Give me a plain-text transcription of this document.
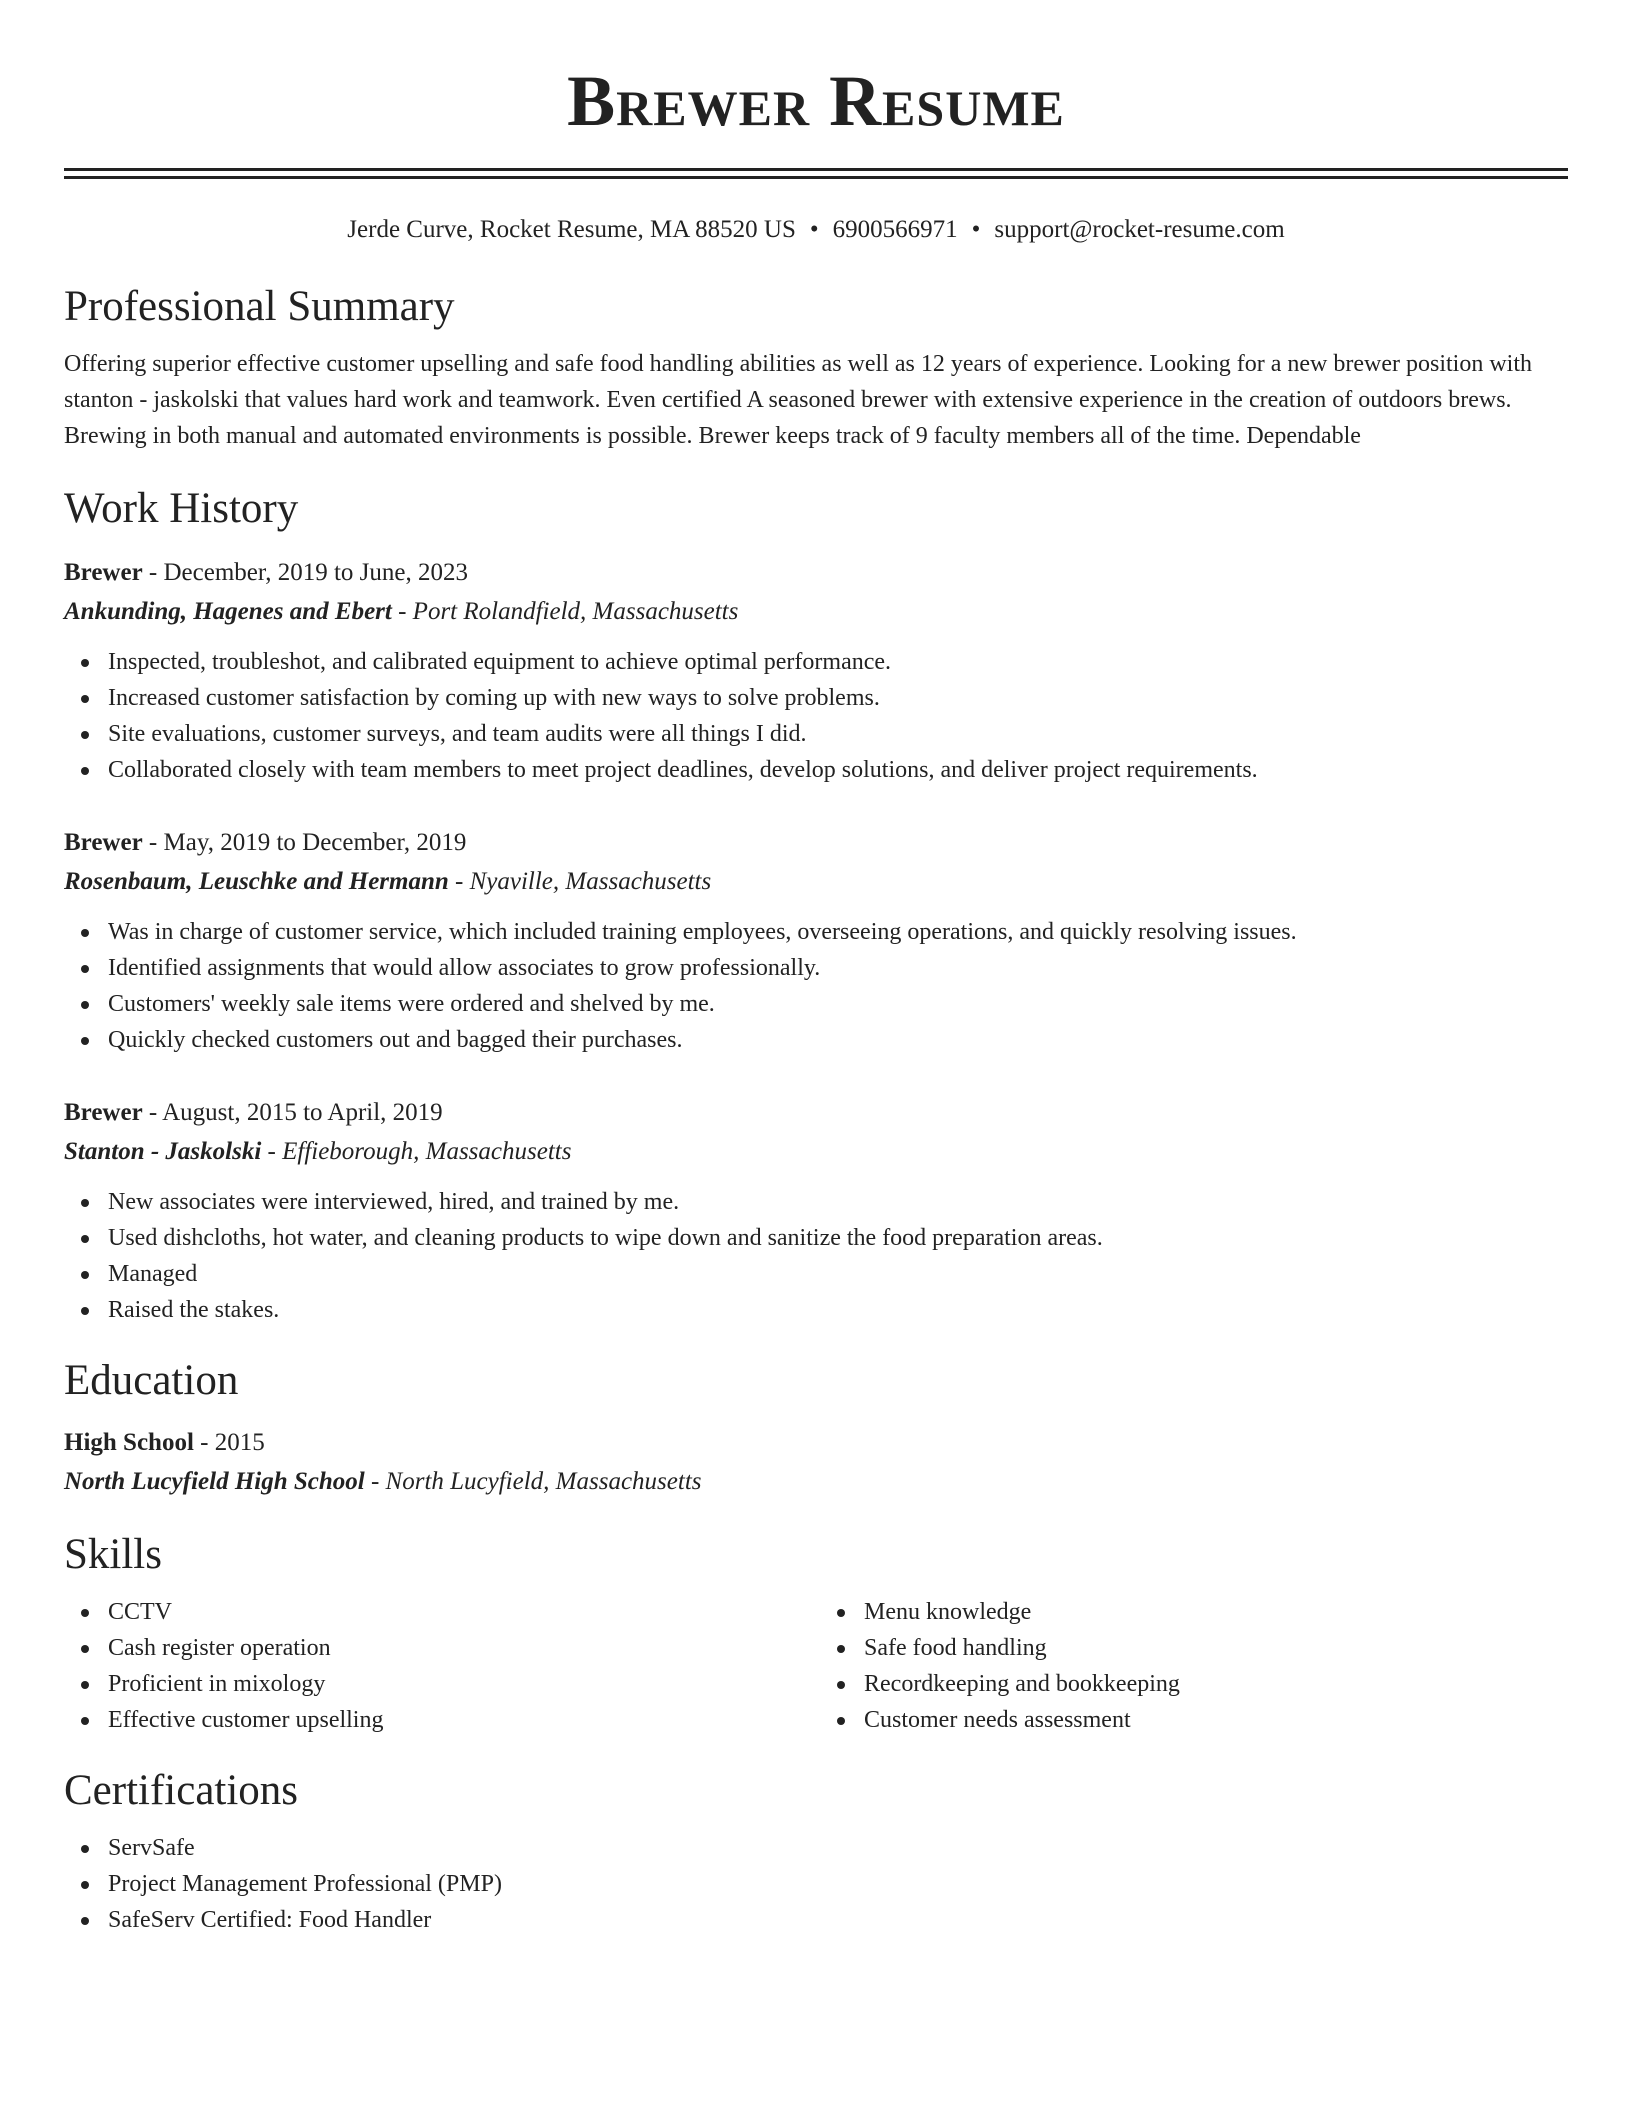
Brewer Resume
Jerde Curve, Rocket Resume, MA 88520 US • 6900566971 • support@rocket-resume.com
Professional Summary

Offering superior effective customer upselling and safe food handling abilities as well as 12 years of experience. Looking for a new brewer position with stanton - jaskolski that values hard work and teamwork. Even certified A seasoned brewer with extensive experience in the creation of outdoors brews. Brewing in both manual and automated environments is possible. Brewer keeps track of 9 faculty members all of the time. Dependable

Work History
Brewer - December, 2019 to June, 2023
Ankunding, Hagenes and Ebert - Port Rolandfield, Massachusetts
Inspected, troubleshot, and calibrated equipment to achieve optimal performance.
Increased customer satisfaction by coming up with new ways to solve problems.
Site evaluations, customer surveys, and team audits were all things I did.
Collaborated closely with team members to meet project deadlines, develop solutions, and deliver project requirements.
Brewer - May, 2019 to December, 2019
Rosenbaum, Leuschke and Hermann - Nyaville, Massachusetts
Was in charge of customer service, which included training employees, overseeing operations, and quickly resolving issues.
Identified assignments that would allow associates to grow professionally.
Customers' weekly sale items were ordered and shelved by me.
Quickly checked customers out and bagged their purchases.
Brewer - August, 2015 to April, 2019
Stanton - Jaskolski - Effieborough, Massachusetts
New associates were interviewed, hired, and trained by me.
Used dishcloths, hot water, and cleaning products to wipe down and sanitize the food preparation areas.
Managed
Raised the stakes.
Education
High School - 2015
North Lucyfield High School - North Lucyfield, Massachusetts
Skills
CCTV
Cash register operation
Proficient in mixology
Effective customer upselling
Menu knowledge
Safe food handling
Recordkeeping and bookkeeping
Customer needs assessment
Certifications
ServSafe
Project Management Professional (PMP)
SafeServ Certified: Food Handler
